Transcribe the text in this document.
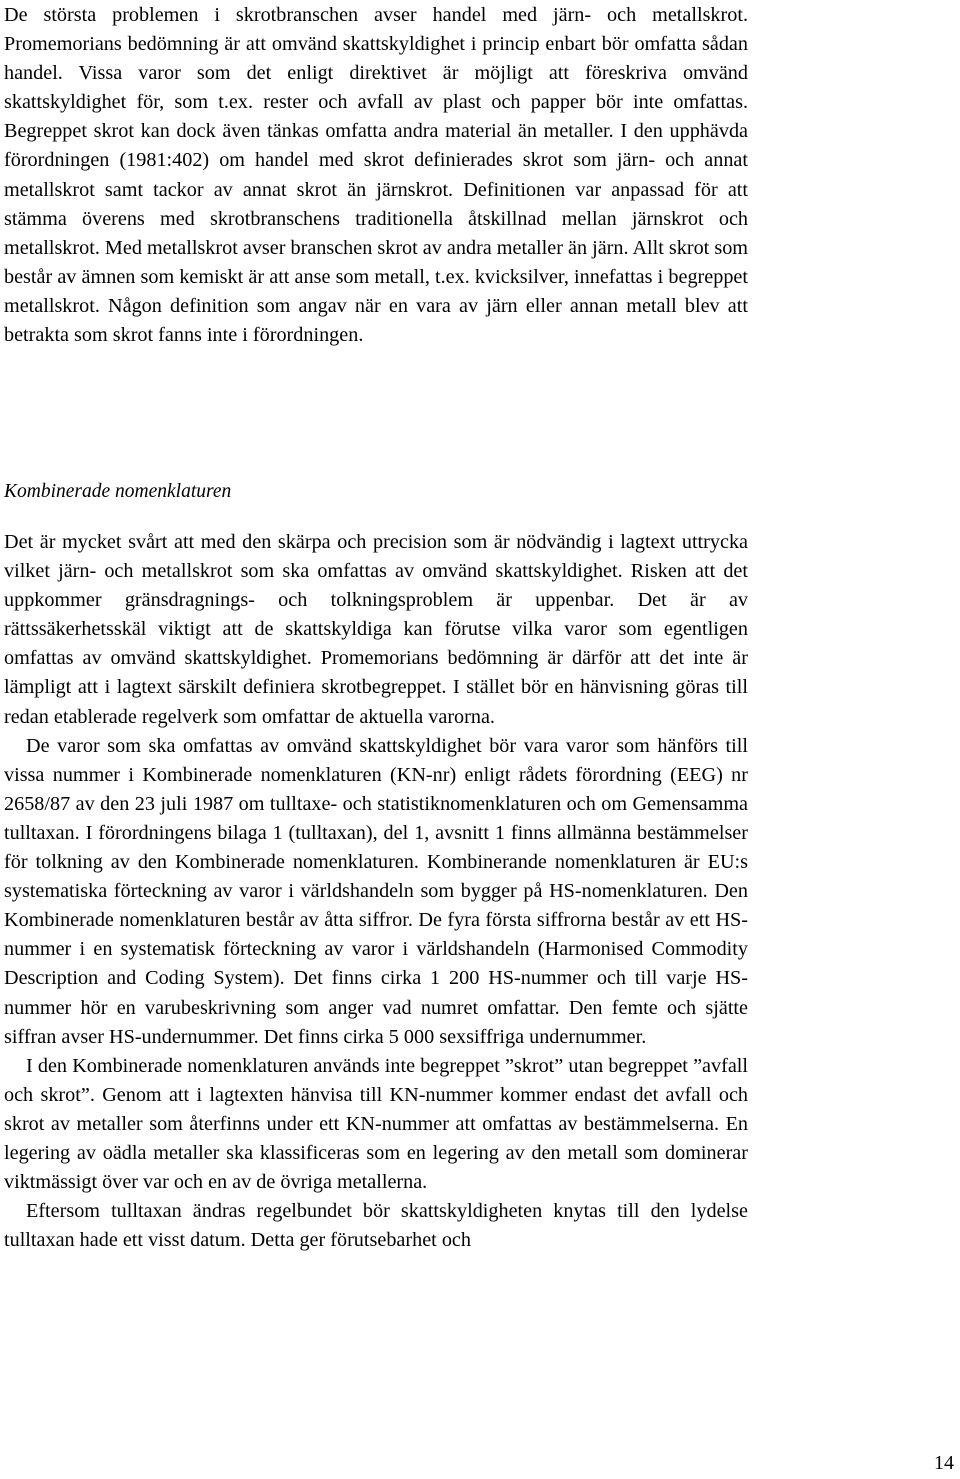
De största problemen i skrotbranschen avser handel med järn- och metallskrot. Promemorians bedömning är att omvänd skattskyldighet i princip enbart bör omfatta sådan handel. Vissa varor som det enligt direktivet är möjligt att föreskriva omvänd skattskyldighet för, som t.ex. rester och avfall av plast och papper bör inte omfattas. Begreppet skrot kan dock även tänkas omfatta andra material än metaller. I den upphävda förordningen (1981:402) om handel med skrot definierades skrot som järn- och annat metallskrot samt tackor av annat skrot än järnskrot. Definitionen var anpassad för att stämma överens med skrotbranschens traditionella åtskillnad mellan järnskrot och metallskrot. Med metallskrot avser branschen skrot av andra metaller än järn. Allt skrot som består av ämnen som kemiskt är att anse som metall, t.ex. kvicksilver, innefattas i begreppet metallskrot. Någon definition som angav när en vara av järn eller annan metall blev att betrakta som skrot fanns inte i förordningen.

Kombinerade nomenklaturen

Det är mycket svårt att med den skärpa och precision som är nödvändig i lagtext uttrycka vilket järn- och metallskrot som ska omfattas av omvänd skattskyldighet. Risken att det uppkommer gränsdragnings- och tolkningsproblem är uppenbar. Det är av rättssäkerhetsskäl viktigt att de skattskyldiga kan förutse vilka varor som egentligen omfattas av omvänd skattskyldighet. Promemorians bedömning är därför att det inte är lämpligt att i lagtext särskilt definiera skrotbegreppet. I stället bör en hänvisning göras till redan etablerade regelverk som omfattar de aktuella varorna.

De varor som ska omfattas av omvänd skattskyldighet bör vara varor som hänförs till vissa nummer i Kombinerade nomenklaturen (KN-nr) enligt rådets förordning (EEG) nr 2658/87 av den 23 juli 1987 om tulltaxe- och statistiknomenklaturen och om Gemensamma tulltaxan. I förordningens bilaga 1 (tulltaxan), del 1, avsnitt 1 finns allmänna bestämmelser för tolkning av den Kombinerade nomenklaturen. Kombinerande nomenklaturen är EU:s systematiska förteckning av varor i världshandeln som bygger på HS-nomenklaturen. Den Kombinerade nomenklaturen består av åtta siffror. De fyra första siffrorna består av ett HS-nummer i en systematisk förteckning av varor i världshandeln (Harmonised Commodity Description and Coding System). Det finns cirka 1 200 HS-nummer och till varje HS-nummer hör en varubeskrivning som anger vad numret omfattar. Den femte och sjätte siffran avser HS-undernummer. Det finns cirka 5 000 sexsiffriga undernummer.

I den Kombinerade nomenklaturen används inte begreppet ”skrot” utan begreppet ”avfall och skrot”. Genom att i lagtexten hänvisa till KN-nummer kommer endast det avfall och skrot av metaller som återfinns under ett KN-nummer att omfattas av bestämmelserna. En legering av oädla metaller ska klassificeras som en legering av den metall som dominerar viktmässigt över var och en av de övriga metallerna.

Eftersom tulltaxan ändras regelbundet bör skattskyldigheten knytas till den lydelse tulltaxan hade ett visst datum. Detta ger förutsebarhet och

14
